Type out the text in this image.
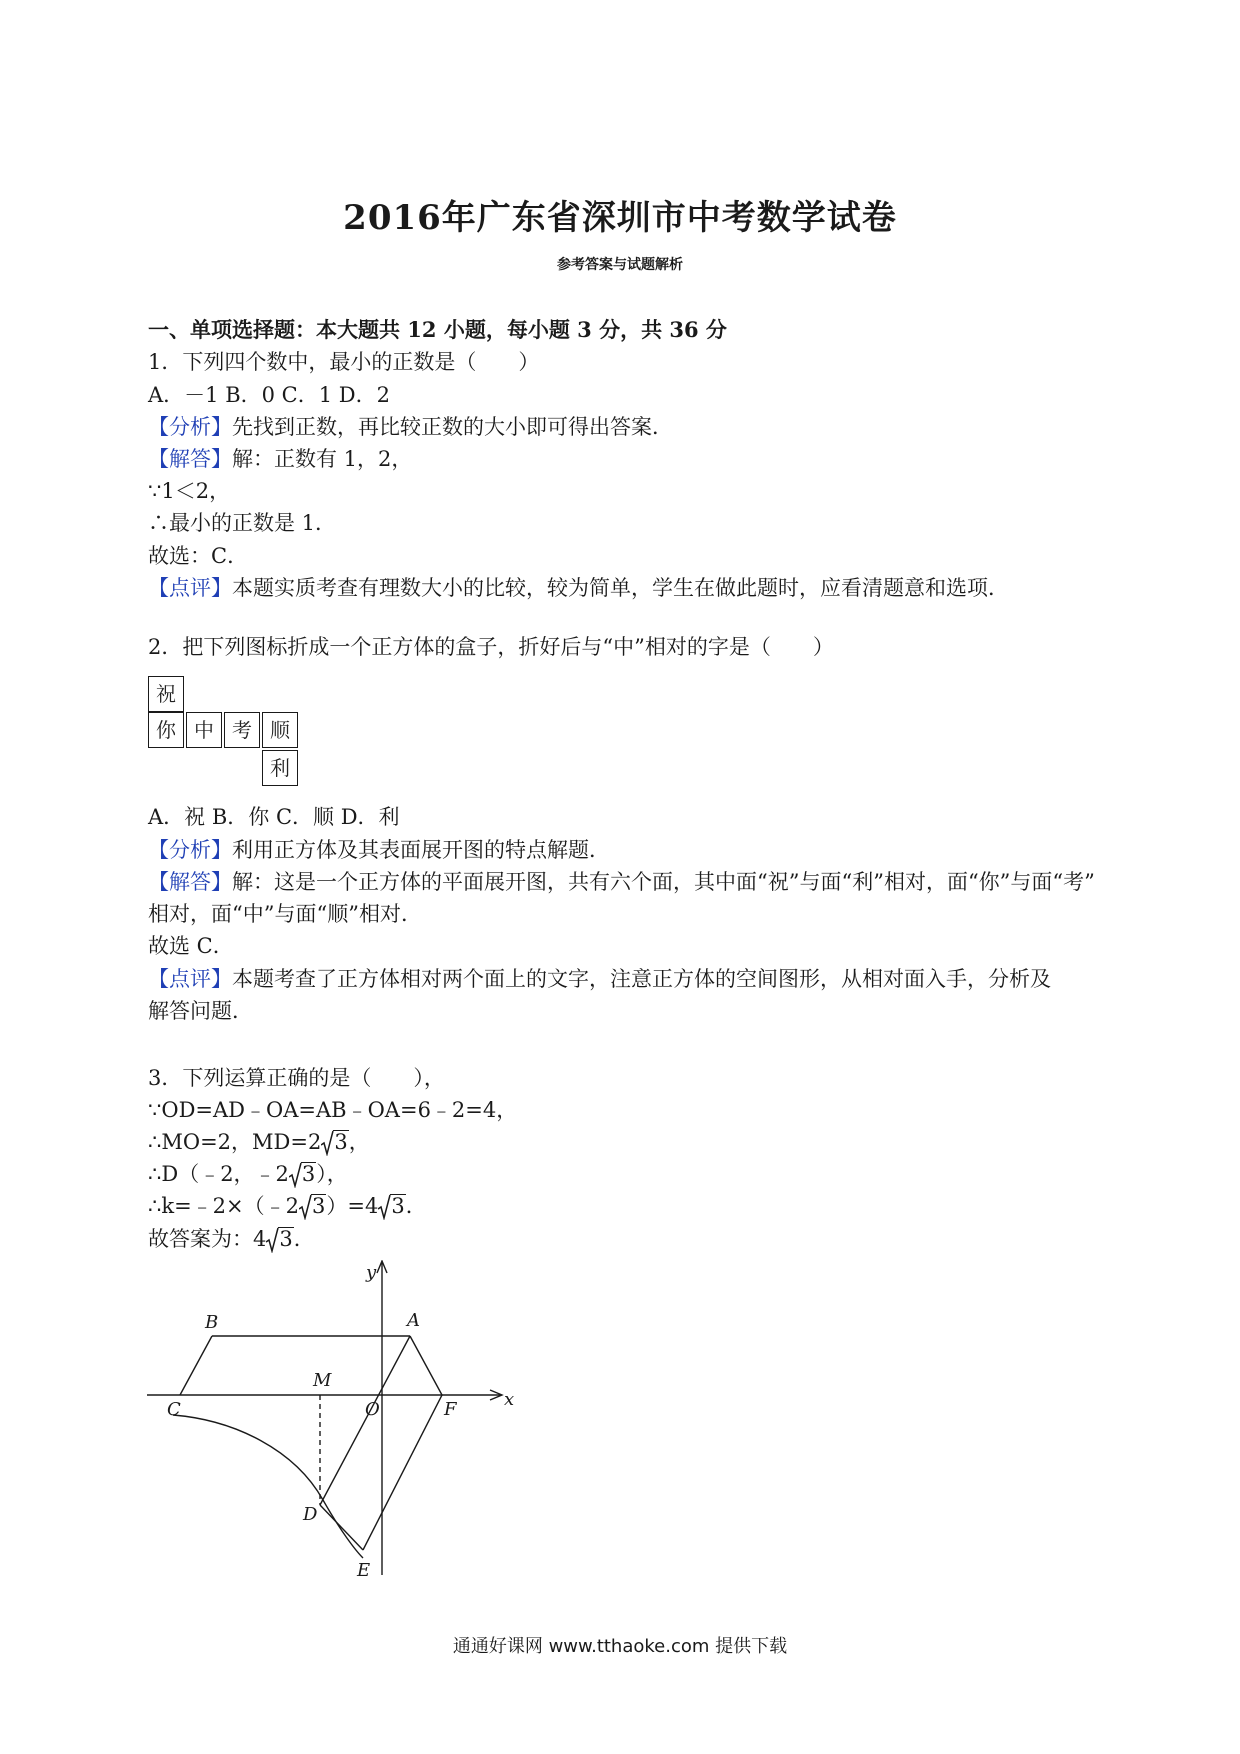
2016年广东省深圳市中考数学试卷
参考答案与试题解析
一、单项选择题：本大题共 12 小题，每小题 3 分，共 36 分
1．下列四个数中，最小的正数是（　　）
A．－1 B．0 C．1 D．2
【分析】先找到正数，再比较正数的大小即可得出答案．
【解答】解：正数有 1，2，
∵1＜2，
∴最小的正数是 1．
故选：C．
【点评】本题实质考查有理数大小的比较，较为简单，学生在做此题时，应看清题意和选项．
2．把下列图标折成一个正方体的盒子，折好后与“中”相对的字是（　　）
祝
你 中 考 顺
利
A．祝 B．你 C．顺 D．利
【分析】利用正方体及其表面展开图的特点解题．
【解答】解：这是一个正方体的平面展开图，共有六个面，其中面“祝”与面“利”相对，面“你”与面“考”
相对，面“中”与面“顺”相对．
故选 C．
【点评】本题考查了正方体相对两个面上的文字，注意正方体的空间图形，从相对面入手，分析及
解答问题．
3．下列运算正确的是（　　），
∵OD=AD﹣OA=AB﹣OA=6﹣2=4，
∴MO=2，MD=2 3，
∴D（﹣2，﹣2 3），
∴k=﹣2×（﹣2 3）=4 3．
故答案为：4 3．
y
x
A
B
C
M
O	F
D
E
通通好课网 www.tthaoke.com 提供下载
